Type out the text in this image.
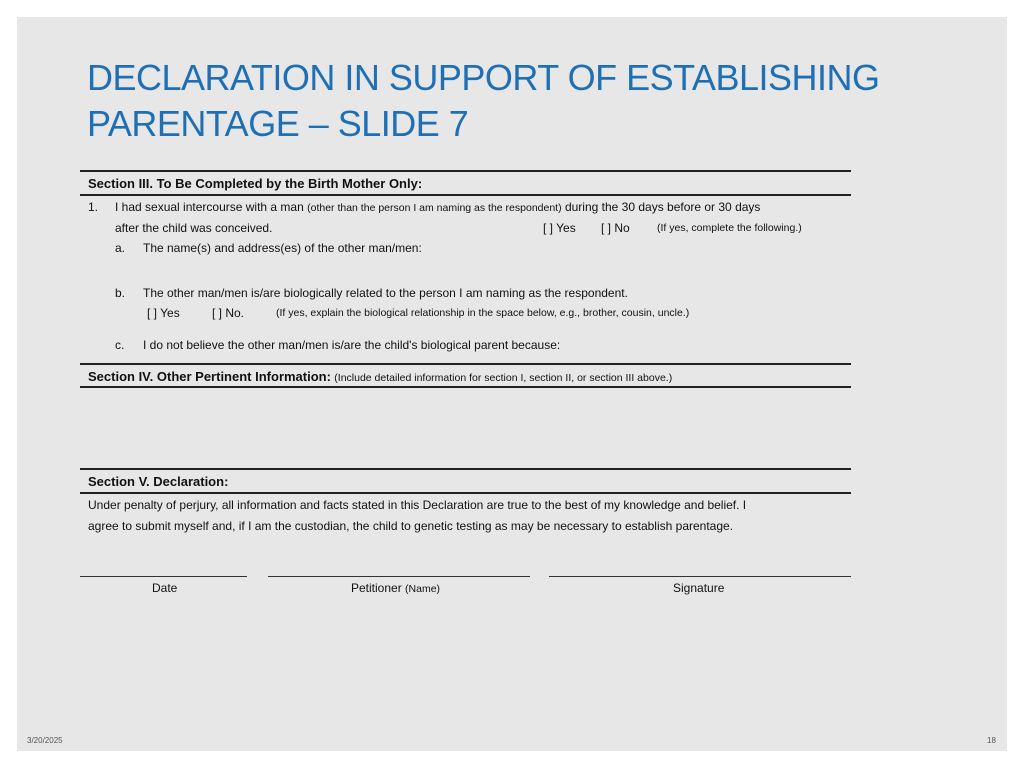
DECLARATION IN SUPPORT OF ESTABLISHING
PARENTAGE – SLIDE 7
Section III. To Be Completed by the Birth Mother Only:
1. I had sexual intercourse with a man (other than the person I am naming as the respondent) during the 30 days before or 30 days
after the child was conceived.	[ ] Yes [ ] No	(If yes, complete the following.)
a. The name(s) and address(es) of the other man/men:
b. The other man/men is/are biologically related to the person I am naming as the respondent.
[ ] Yes	[ ] No.	(If yes, explain the biological relationship in the space below, e.g., brother, cousin, uncle.)
c. I do not believe the other man/men is/are the child's biological parent because:
Section IV. Other Pertinent Information: (Include detailed information for section I, section II, or section III above.)
Section V. Declaration:
Under penalty of perjury, all information and facts stated in this Declaration are true to the best of my knowledge and belief. I
agree to submit myself and, if I am the custodian, the child to genetic testing as may be necessary to establish parentage.
Date	Petitioner (Name)	Signature
3/20/2025	18
